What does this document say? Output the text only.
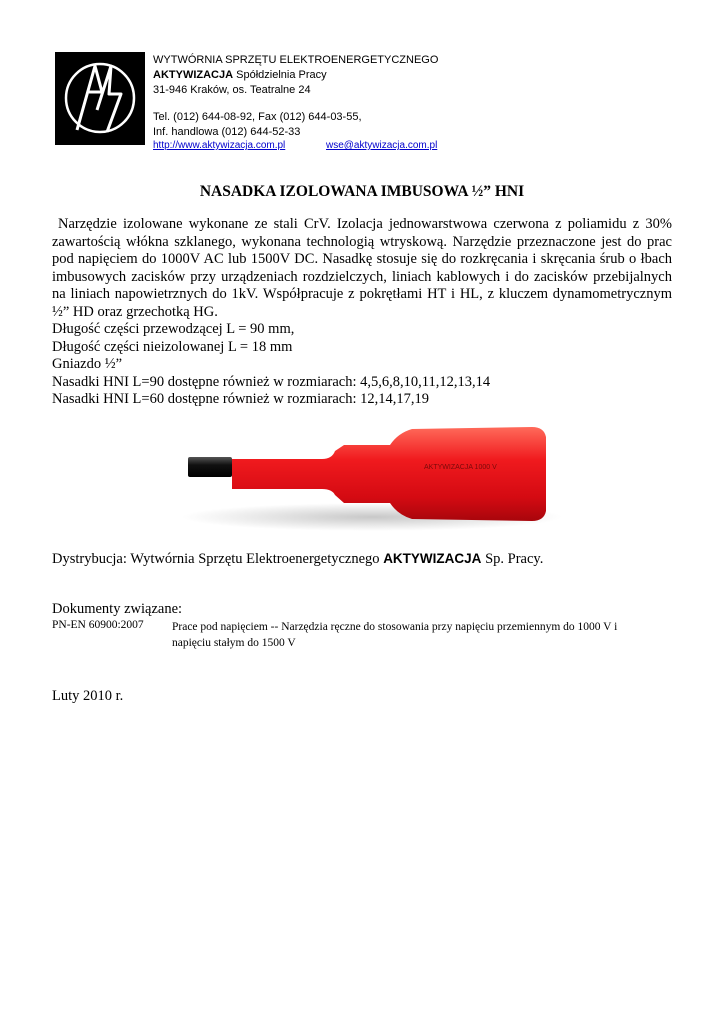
WYTWÓRNIA SPRZĘTU ELEKTROENERGETYCZNEGO
AKTYWIZACJA Spółdzielnia Pracy
31-946 Kraków, os. Teatralne 24
Tel. (012) 644-08-92, Fax (012) 644-03-55,
Inf. handlowa (012) 644-52-33
http://www.aktywizacja.com.pl	wse@aktywizacja.com.pl
NASADKA IZOLOWANA IMBUSOWA ½” HNI

Narzędzie izolowane wykonane ze stali CrV. Izolacja jednowarstwowa czerwona z poliamidu z 30% zawartością włókna szklanego, wykonana technologią wtryskową. Narzędzie przeznaczone jest do prac pod napięciem do 1000V AC lub 1500V DC. Nasadkę stosuje się do rozkręcania i skręcania śrub o łbach imbusowych zacisków przy urządzeniach rozdzielczych, liniach kablowych i do zacisków przebijalnych na liniach napowietrznych do 1kV. Współpracuje z pokrętłami HT i HL, z kluczem dynamometrycznym ½” HD oraz grzechotką HG.

Długość części przewodzącej L = 90 mm,

Długość części nieizolowanej L = 18 mm

Gniazdo ½”

Nasadki HNI L=90 dostępne również w rozmiarach: 4,5,6,8,10,11,12,13,14

Nasadki HNI L=60 dostępne również w rozmiarach: 12,14,17,19

AKTYWIZACJA 1000 V
Dystrybucja: Wytwórnia Sprzętu Elektroenergetycznego AKTYWIZACJA Sp. Pracy.
Dokumenty związane:
PN-EN 60900:2007 Prace pod napięciem -- Narzędzia ręczne do stosowania przy napięciu przemiennym do 1000 V i napięciu stałym do 1500 V
Luty 2010 r.
